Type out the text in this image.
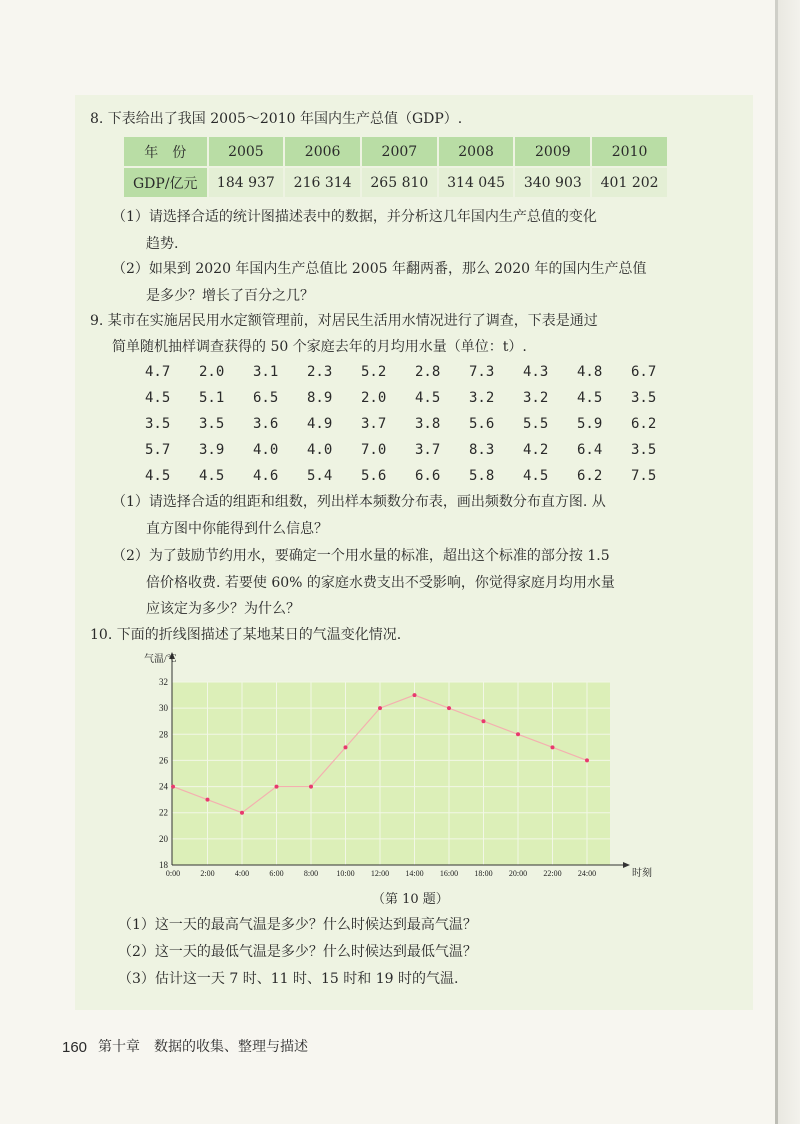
8. 下表给出了我国 2005～2010 年国内生产总值（GDP）.
年　份	2005	2006	2007	2008	2009	2010
GDP/亿元	184 937	216 314	265 810	314 045	340 903	401 202
（1）请选择合适的统计图描述表中的数据，并分析这几年国内生产总值的变化
趋势.
（2）如果到 2020 年国内生产总值比 2005 年翻两番，那么 2020 年的国内生产总值
是多少？增长了百分之几？
9. 某市在实施居民用水定额管理前，对居民生活用水情况进行了调查，下表是通过
简单随机抽样调查获得的 50 个家庭去年的月均用水量（单位：t）.
4.7	2.0	3.1	2.3	5.2	2.8	7.3	4.3	4.8	6.7
4.5	5.1	6.5	8.9	2.0	4.5	3.2	3.2	4.5	3.5
3.5	3.5	3.6	4.9	3.7	3.8	5.6	5.5	5.9	6.2
5.7	3.9	4.0	4.0	7.0	3.7	8.3	4.2	6.4	3.5
4.5	4.5	4.6	5.4	5.6	6.6	5.8	4.5	6.2	7.5
（1）请选择合适的组距和组数，列出样本频数分布表，画出频数分布直方图. 从
直方图中你能得到什么信息？
（2）为了鼓励节约用水，要确定一个用水量的标准，超出这个标准的部分按 1.5
倍价格收费. 若要使 60% 的家庭水费支出不受影响，你觉得家庭月均用水量
应该定为多少？为什么？
10. 下面的折线图描述了某地某日的气温变化情况.
气温/℃
时刻
18
20
22
24
26
28
30
32
0:00	2:00	4:00	6:00	8:00 10:00 12:00 14:00 16:00 18:00 20:00 22:00 24:00
（第 10 题）
（1）这一天的最高气温是多少？什么时候达到最高气温？
（2）这一天的最低气温是多少？什么时候达到最低气温？
（3）估计这一天 7 时、11 时、15 时和 19 时的气温.
160 第十章　数据的收集、整理与描述
